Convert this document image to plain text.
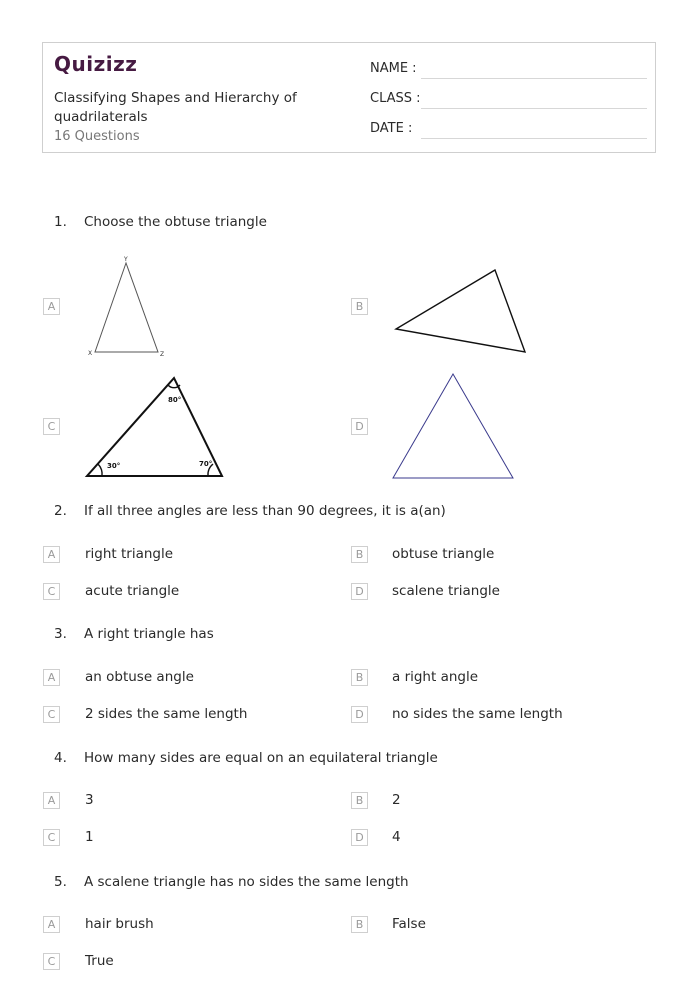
Quizizz
Classifying Shapes and Hierarchy of quadrilaterals
16 Questions
NAME :
CLASS :
DATE :
1. Choose the obtuse triangle
A
Y
X	Z
B
C
80°
30°	70°
D
2. If all three angles are less than 90 degrees, it is a(an)
A	right triangle	B	obtuse triangle
C	acute triangle	D	scalene triangle
3. A right triangle has
A	an obtuse angle	B	a right angle
C	2 sides the same length	D	no sides the same length
4. How many sides are equal on an equilateral triangle
A	3	B	2
C	1	D	4
5. A scalene triangle has no sides the same length
A	hair brush	B	False
C	True
